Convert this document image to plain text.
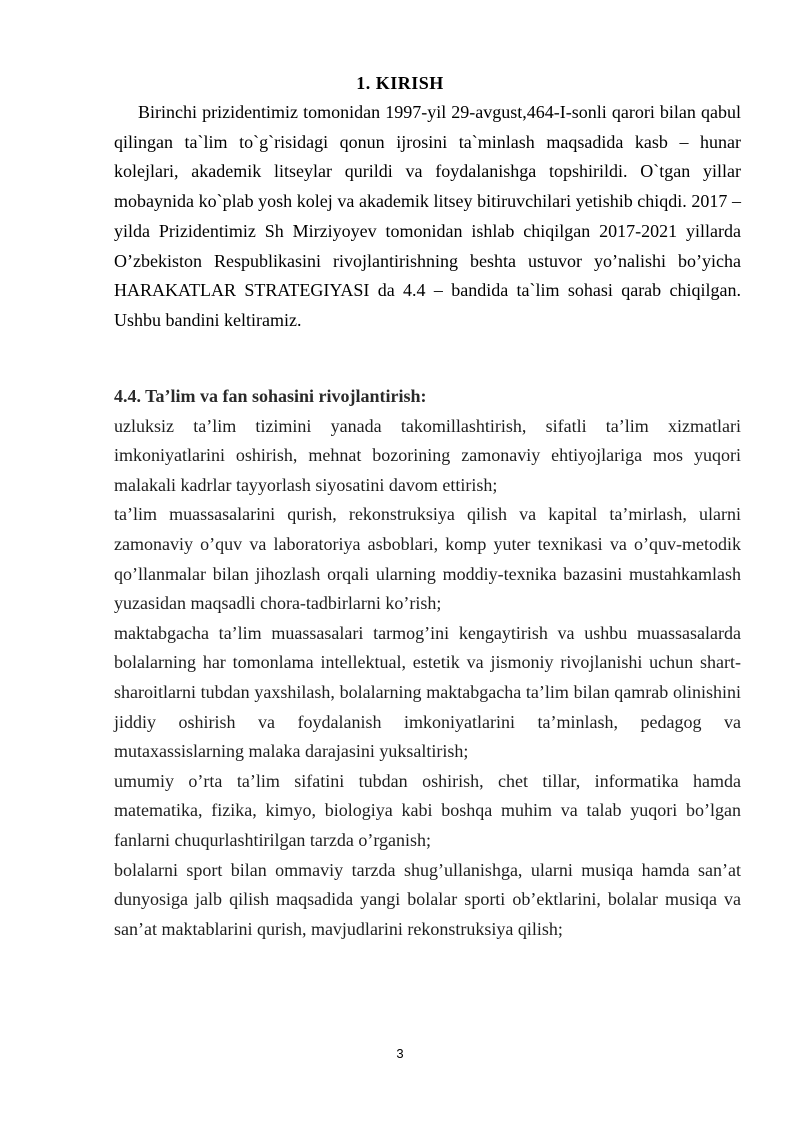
1. KIRISH
Birinchi prizidentimiz tomonidan 1997-yil 29-avgust,464-I-sonli qarori bilan qabul qilingan ta`lim to`g`risidagi qonun ijrosini ta`minlash maqsadida kasb – hunar kolejlari, akademik litseylar qurildi va foydalanishga topshirildi. O`tgan yillar mobaynida ko`plab yosh kolej va akademik litsey bitiruvchilari yetishib chiqdi. 2017 – yilda Prizidentimiz Sh Mirziyoyev tomonidan ishlab chiqilgan 2017-2021 yillarda O’zbekiston Respublikasini rivojlantirishning beshta ustuvor yo’nalishi bo’yicha HARAKATLAR STRATEGIYASI da 4.4 – bandida ta`lim sohasi qarab chiqilgan. Ushbu bandini keltiramiz.

4.4. Ta’lim va fan sohasini rivojlantirish:

uzluksiz ta’lim tizimini yanada takomillashtirish, sifatli ta’lim xizmatlari imkoniyatlarini oshirish, mehnat bozorining zamonaviy ehtiyojlariga mos yuqori malakali kadrlar tayyorlash siyosatini davom ettirish;

ta’lim muassasalarini qurish, rekonstruksiya qilish va kapital ta’mirlash, ularni zamonaviy o’quv va laboratoriya asboblari, komp yuter texnikasi va o’quv-metodik qo’llanmalar bilan jihozlash orqali ularning moddiy-texnika bazasini mustahkamlash yuzasidan maqsadli chora-tadbirlarni ko’rish;

maktabgacha ta’lim muassasalari tarmog’ini kengaytirish va ushbu muassasalarda bolalarning har tomonlama intellektual, estetik va jismoniy rivojlanishi uchun shart- sharoitlarni tubdan yaxshilash, bolalarning maktabgacha ta’lim bilan qamrab olinishini jiddiy oshirish va foydalanish imkoniyatlarini ta’minlash, pedagog va mutaxassislarning malaka darajasini yuksaltirish;

umumiy o’rta ta’lim sifatini tubdan oshirish, chet tillar, informatika hamda matematika, fizika, kimyo, biologiya kabi boshqa muhim va talab yuqori bo’lgan fanlarni chuqurlashtirilgan tarzda o’rganish;

bolalarni sport bilan ommaviy tarzda shug’ullanishga, ularni musiqa hamda san’at dunyosiga jalb qilish maqsadida yangi bolalar sporti ob’ektlarini, bolalar musiqa va san’at maktablarini qurish, mavjudlarini rekonstruksiya qilish;

3
